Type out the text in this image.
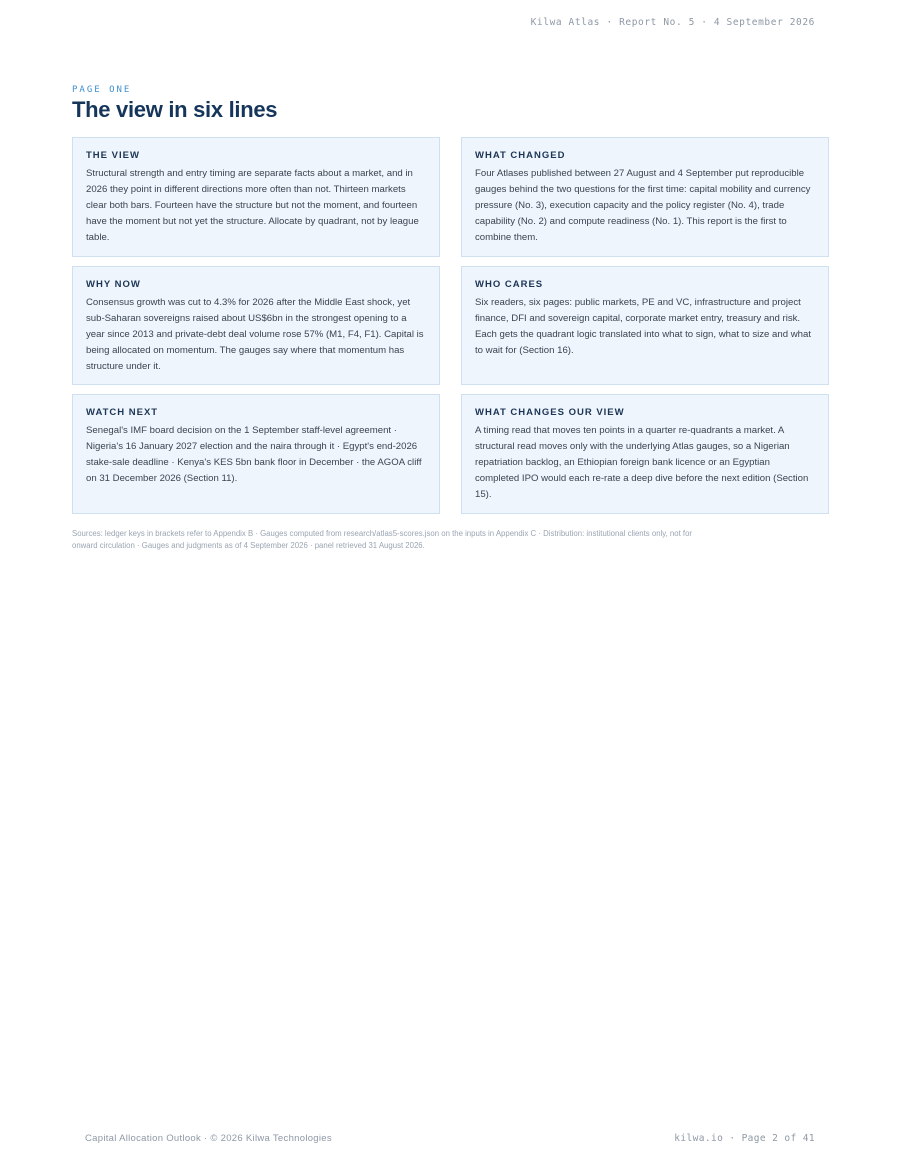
Kilwa Atlas · Report No. 5 · 4 September 2026
PAGE ONE
The view in six lines
THE VIEW

Structural strength and entry timing are separate facts about a market, and in 2026 they point in different directions more often than not. Thirteen markets clear both bars. Fourteen have the structure but not the moment, and fourteen have the moment but not yet the structure. Allocate by quadrant, not by league table.

WHAT CHANGED

Four Atlases published between 27 August and 4 September put reproducible gauges behind the two questions for the first time: capital mobility and currency pressure (No. 3), execution capacity and the policy register (No. 4), trade capability (No. 2) and compute readiness (No. 1). This report is the first to combine them.

WHY NOW

Consensus growth was cut to 4.3% for 2026 after the Middle East shock, yet sub-Saharan sovereigns raised about US$6bn in the strongest opening to a year since 2013 and private-debt deal volume rose 57% (M1, F4, F1). Capital is being allocated on momentum. The gauges say where that momentum has structure under it.

WHO CARES

Six readers, six pages: public markets, PE and VC, infrastructure and project finance, DFI and sovereign capital, corporate market entry, treasury and risk. Each gets the quadrant logic translated into what to sign, what to size and what to wait for (Section 16).

WATCH NEXT

Senegal's IMF board decision on the 1 September staff-level agreement · Nigeria's 16 January 2027 election and the naira through it · Egypt's end-2026 stake-sale deadline · Kenya's KES 5bn bank floor in December · the AGOA cliff on 31 December 2026 (Section 11).

WHAT CHANGES OUR VIEW

A timing read that moves ten points in a quarter re-quadrants a market. A structural read moves only with the underlying Atlas gauges, so a Nigerian repatriation backlog, an Ethiopian foreign bank licence or an Egyptian completed IPO would each re-rate a deep dive before the next edition (Section 15).

Sources: ledger keys in brackets refer to Appendix B · Gauges computed from research/atlas5-scores.json on the inputs in Appendix C · Distribution: institutional clients only, not for onward circulation · Gauges and judgments as of 4 September 2026 · panel retrieved 31 August 2026.

Capital Allocation Outlook · © 2026 Kilwa Technologies	kilwa.io · Page 2 of 41
